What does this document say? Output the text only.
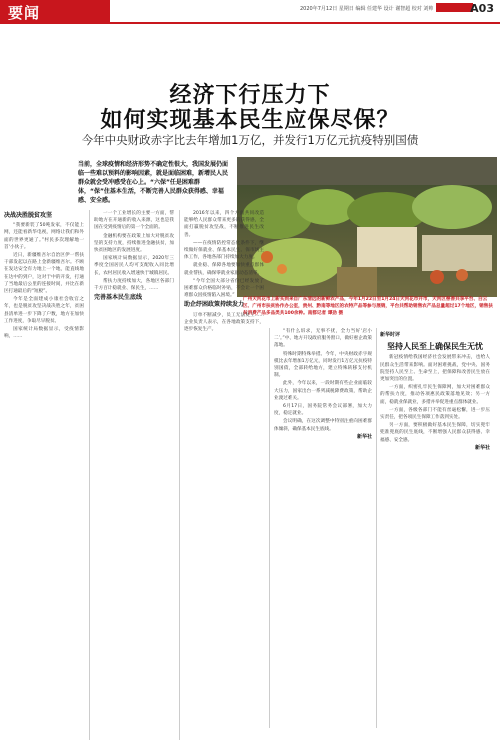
要闻	2020年7月12日 星期日 编辑 任建华 设计 谢智超 校对 刘帅	A03
经济下行压力下
如何实现基本民生应保尽保？
今年中央财政赤字比去年增加1万亿，并发行1万亿元抗疫特别国债
当前，全球疫情和经济形势不确定性很大，我国发展仍面临一些难以预料的影响因素，就是面临困难，新增民人民群众就会受冲感受在心上。“六保”任是困难群体，“保”住基本生活，不断完善人民群众获得感、幸福感、安全感。
广州天河花市上新买到来自广东清远的新鲜农产品，今年1月22日至1月24日天河花市开市，天河区慈善共享平台、白云区、广州市扶贫协作办公室，贵州、黔南等地区的农特产品等参与展销，平台共帮助销售农产品总量超过17个地区，销售扶贫消费产品多品类共100余种。南都记者 谭劲 摄
决战决胜脱贫攻坚

“我要新装了50吨发家，不仅能上网，还能看新华电视，网络让我们和外面的世界更通了。”村民多次理解地一首‘小伙子。

近日，新疆维吾尔自治区伊一帮扶干部发起以在路上金新疆维吾尔。不顾在发达安全有力地上一个地，能直线地在达中的到户，这对于中的开发，打通了当地最后公里的连接时间，并比在新区打通最后的“短板”。

今年是全面建成小康社会收官之年，也是脱贫攻坚决战决胜之年，贫困县清单进一步下降了户数，地方在加快工作进度，争取尽早脱贫。

国家统计局数据显示，受疫情影响，……

一一个工业增长的主要一方面，帮助地方在开通新的收入来源，这也是我国在受到疫情后的第一个全面的。

金融机构要在政策上加大对脱贫攻坚的支持力度，持续推进金融扶贫，加快贫困地区的发展进度。

国家统计局数据显示，2020年三季度全国居民人均可支配收入同比增长，农村居民收入增速快于城镇居民。

帮扶力度持续加大，各地区各部门千方百计稳就业、保民生，……

完善基本民生底线

2016年以来，四个方面共同改造能够给人民群众带来更多的获得感，全面打赢脱贫攻坚战，不断推进民生改善。

——在疫情防控常态化条件下，继续做好保就业、保基本民生、保市场主体工作，各地各部门持续加大力度。

就业稳、保障各地要加快重点群体就业帮扶，确保零就业家庭动态清零。

“今年全国大部分省份已经发放了困难群众价格临时补贴，不会让一个困难群众因疫情陷入困境。”

助企纾困政策持续发力

订单不断减少，员工无法复工……企业负责人表示，在各地政策支持下，逐步恢复生产。	“有什么诉求，无事不扰，全力当好‘店小二’。”中、地方开设政府服务窗口，做好惠企政策落地。

特殊时期特殊举措。今年，中央财政赤字规模比去年增加1万亿元，同时发行1万亿元抗疫特别国债，全部转给地方，建立特殊转移支付机制。

此外，今年以来，一段时期有些企业面临较大压力，国家出台一系列减税降费政策，帮助企业渡过难关。

6月17日，国务院常务会议部署，加大力度，稳定就业。

会议明确，在这次调整中特别注重向困难群体倾斜，确保基本民生底线。

新华社
新华时评
坚持人民至上确保民生无忧

新冠疫情给我国经济社会发展带来冲击，也给人民群众生活带来影响。面对困难挑战，党中央、国务院坚持人民至上、生命至上，把保障和改善民生放在更加突出的位置。

一方面，织密扎牢民生保障网，加大对困难群众的帮扶力度，推动各项惠民政策落地见效；另一方面，稳就业保就业，多措并举促进重点群体就业。

一方面，各级各部门不能有丝毫松懈，进一步压实责任，把各项民生保障工作落到实处。

另一方面，要积极做好基本民生保障，切实兜牢兜准兜底的民生底线，不断增强人民群众获得感、幸福感、安全感。

新华社
